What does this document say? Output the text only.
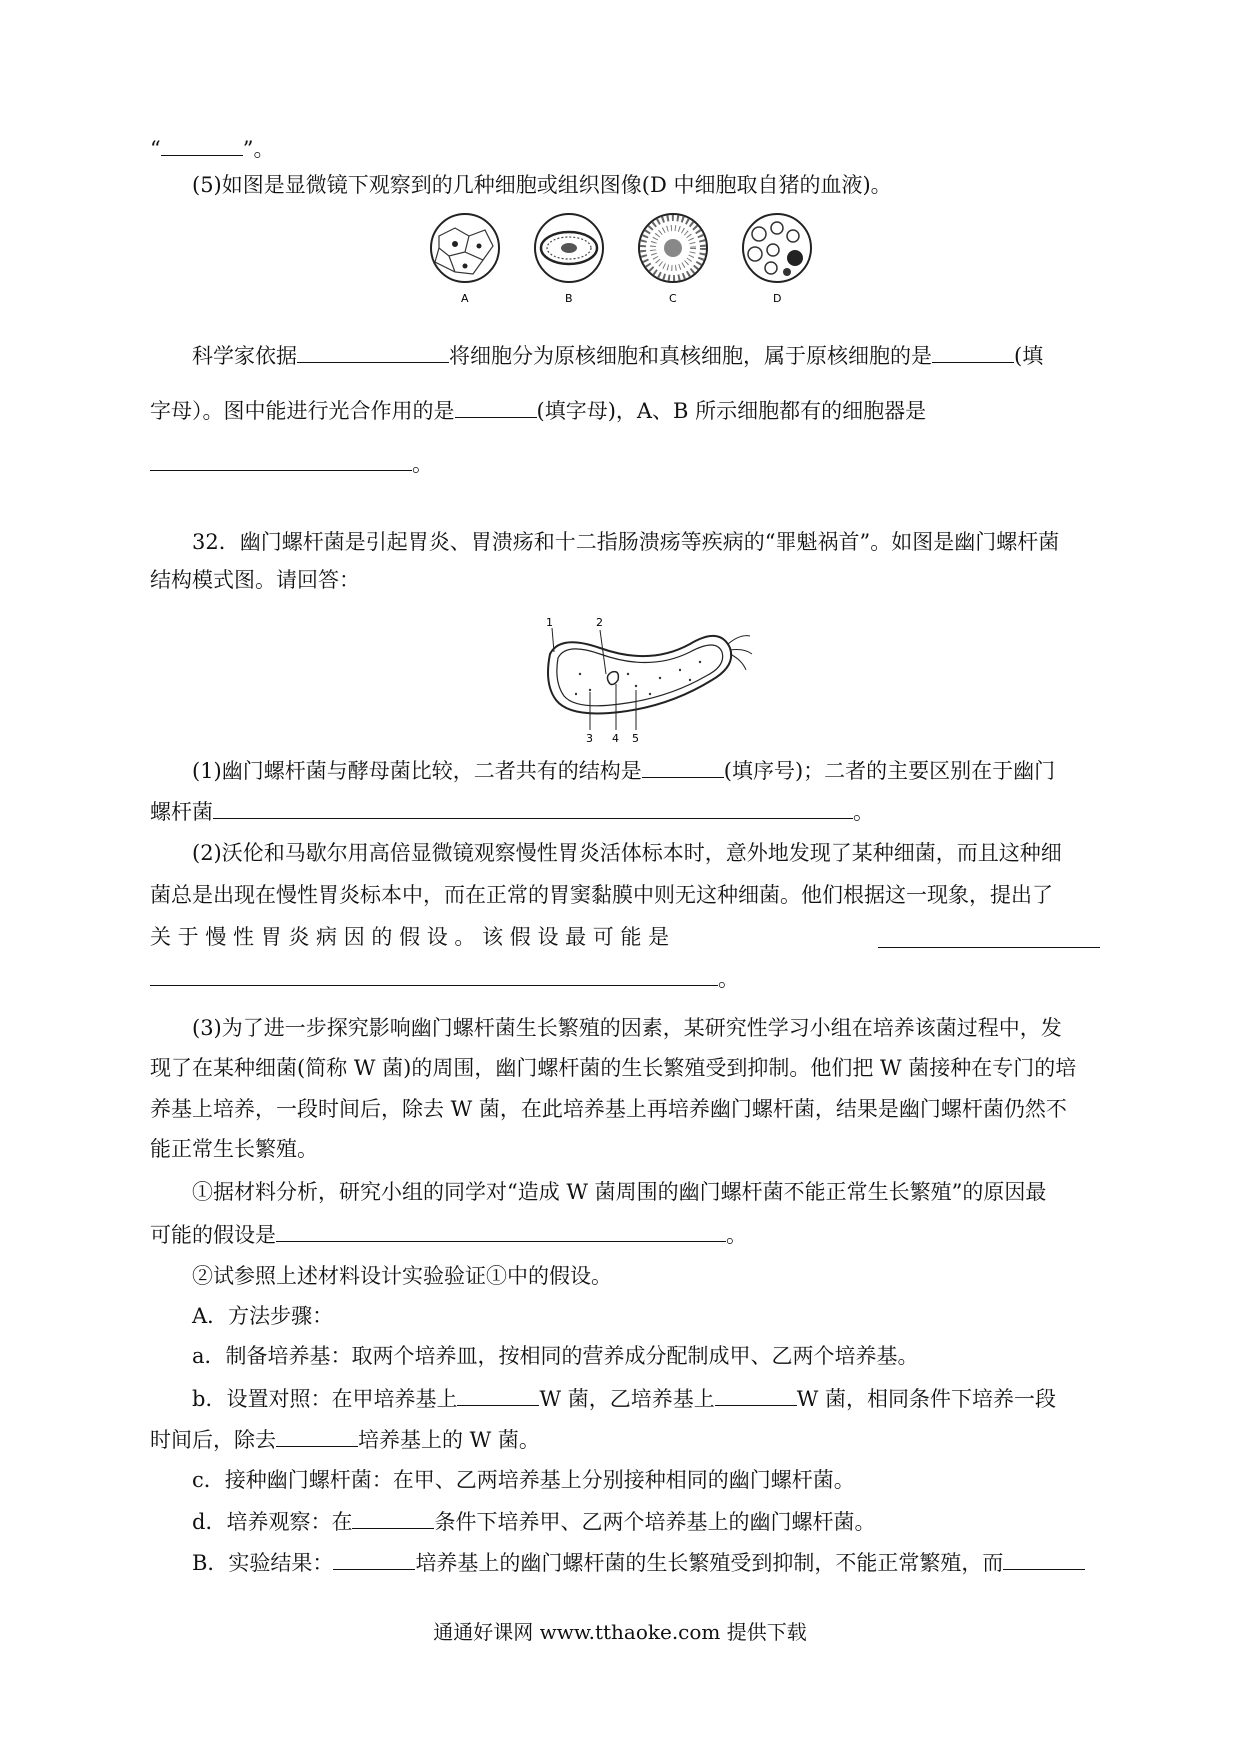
“	”。
(5)如图是显微镜下观察到的几种细胞或组织图像(D 中细胞取自猪的血液)。
A	B	C	D
科学家依据	将细胞分为原核细胞和真核细胞，属于原核细胞的是	(填
字母）。图中能进行光合作用的是	(填字母)，A、B 所示细胞都有的细胞器是
。
32．幽门螺杆菌是引起胃炎、胃溃疡和十二指肠溃疡等疾病的“罪魁祸首”。如图是幽门螺杆菌
结构模式图。请回答：
1	2
3 4 5
(1)幽门螺杆菌与酵母菌比较，二者共有的结构是	(填序号)；二者的主要区别在于幽门
螺杆菌	。
(2)沃伦和马歇尔用高倍显微镜观察慢性胃炎活体标本时，意外地发现了某种细菌，而且这种细
菌总是出现在慢性胃炎标本中，而在正常的胃窦黏膜中则无这种细菌。他们根据这一现象，提出了
关 于 慢 性 胃 炎 病 因 的 假 设 。 该 假 设 最 可 能 是
。
(3)为了进一步探究影响幽门螺杆菌生长繁殖的因素，某研究性学习小组在培养该菌过程中，发
现了在某种细菌(简称 W 菌)的周围，幽门螺杆菌的生长繁殖受到抑制。他们把 W 菌接种在专门的培
养基上培养，一段时间后，除去 W 菌，在此培养基上再培养幽门螺杆菌，结果是幽门螺杆菌仍然不
能正常生长繁殖。
①据材料分析，研究小组的同学对“造成 W 菌周围的幽门螺杆菌不能正常生长繁殖”的原因最
可能的假设是	。
②试参照上述材料设计实验验证①中的假设。
A．方法步骤：
a．制备培养基：取两个培养皿，按相同的营养成分配制成甲、乙两个培养基。
b．设置对照：在甲培养基上	W 菌，乙培养基上	W 菌，相同条件下培养一段
时间后，除去	培养基上的 W 菌。
c．接种幽门螺杆菌：在甲、乙两培养基上分别接种相同的幽门螺杆菌。
d．培养观察：在	条件下培养甲、乙两个培养基上的幽门螺杆菌。
B．实验结果：	培养基上的幽门螺杆菌的生长繁殖受到抑制，不能正常繁殖，而
通通好课网 www.tthaoke.com 提供下载
